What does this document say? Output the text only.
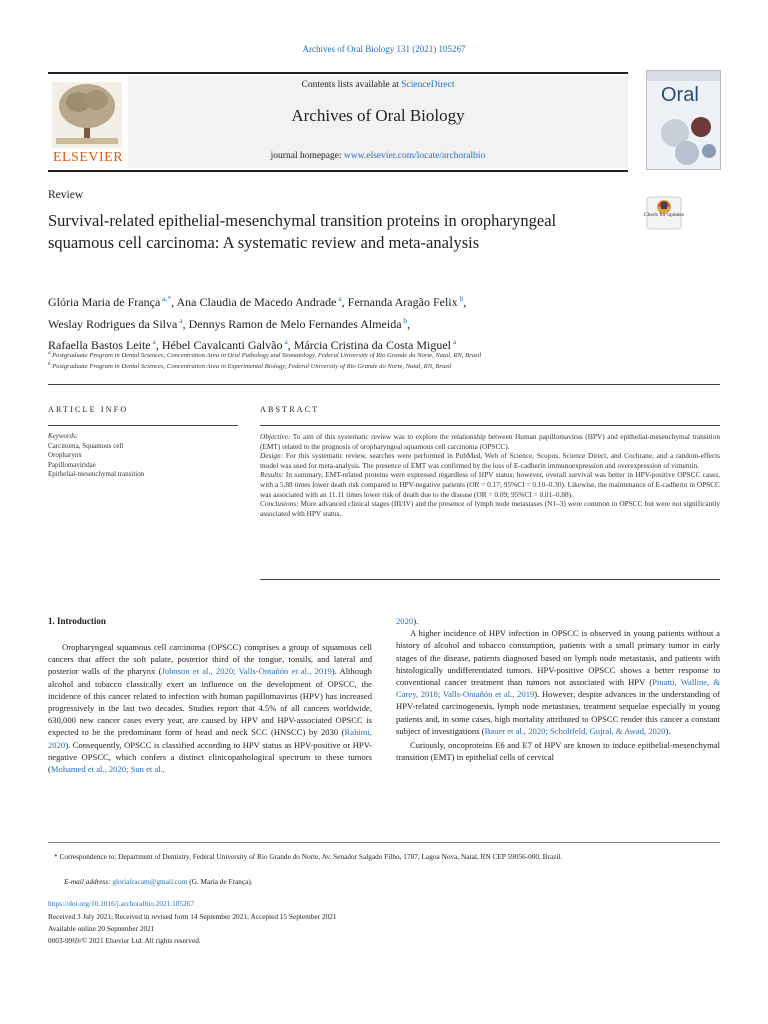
Archives of Oral Biology 131 (2021) 105267
ELSEVIER
Contents lists available at ScienceDirect
Archives of Oral Biology
journal homepage: www.elsevier.com/locate/archoralbio
Oral
Review
Survival-related epithelial-mesenchymal transition proteins in oropharyngeal squamous cell carcinoma: A systematic review and meta-analysis
Check for updates
Glória Maria de França $^{a,*}$, Ana Claudia de Macedo Andrade $^a$, Fernanda Aragão Felix $^b$,
Weslay Rodrigues da Silva $^a$, Dennys Ramon de Melo Fernandes Almeida $^b$,
Rafaella Bastos Leite $^a$, Hébel Cavalcanti Galvão $^a$, Márcia Cristina da Costa Miguel $^a$
$^a$ Postgraduate Program in Dental Sciences, Concentration Area in Oral Pathology and Stomatology, Federal University of Rio Grande do Norte, Natal, RN, Brazil
$^b$ Postgraduate Program in Dental Sciences, Concentration Area in Experimental Biology, Federal University of Rio Grande do Norte, Natal, RN, Brazil
ARTICLE INFO
Keywords:
Carcinoma, Squamous cell
Oropharynx
Papillomaviridae
Epithelial-mesenchymal transition
ABSTRACT
Objective: To aim of this systematic review was to explore the relationship between Human papillomavirus (HPV) and epithelial-mesenchymal transition (EMT) related to the prognosis of oropharyngeal squamous cell carcinoma (OPSCC).
Design: For this systematic review, searches were performed in PubMed, Web of Science, Scopus, Science Direct, and Cochrane, and a random-effects model was used for meta-analysis. The presence of EMT was confirmed by the loss of E-cadherin immunoexpression and overexpression of vimentin.
Results: In summary, EMT-related proteins were expressed regardless of HPV status; however, overall survival was better in HPV-positive OPSCC cases, with a 5.88 times lower death risk compared to HPV-negative patients (OR = 0.17; 95%CI = 0.10–0.30). Likewise, the maintenance of E-cadherin in OPSCC was associated with an 11.11 times lower risk of death due to the disease (OR = 0.09; 95%CI = 0.01–0.88).
Conclusions: More advanced clinical stages (III/IV) and the presence of lymph node metastases (N1–3) were common in OPSCC but were not significantly associated with HPV status.
1. Introduction

Oropharyngeal squamous cell carcinoma (OPSCC) comprises a group of squamous cell cancers that affect the soft palate, posterior third of the tongue, tonsils, and lateral and posterior walls of the pharynx (Johnson et al., 2020; Valls-Ontañón et al., 2019). Although alcohol and tobacco classically exert an influence on the development of OPSCC, the incidence of this cancer related to infection with human papillomavirus (HPV) has increased progressively in the last two decades. Studies report that 4.5% of all cancers worldwide, 630,000 new cancer cases every year, are caused by HPV and HPV-associated OPSCC is expected to be the predominant form of head and neck SCC (HNSCC) by 2030 (Rahimi, 2020). Consequently, OPSCC is classified according to HPV status as HPV-positive or HPV-negative OPSCC, which confers a distinct clinicopathological spectrum to these tumors (Mohamed et al., 2020; Sun et al.,

2020).

A higher incidence of HPV infection in OPSCC is observed in young patients without a history of alcohol and tobacco consumption, patients with a small primary tumor in early stages of the disease, patients diagnosed based on lymph node metastasis, and patients with histologically undifferentiated tumors. HPV-positive OPSCC shows a better response to conventional cancer treatment than tumors not associated with HPV (Pinatti, Walline, & Carey, 2018; Valls-Ontañón et al., 2019). However, despite advances in the understanding of HPV-related carcinogenesis, lymph node metastases, treatment sequelae especially in young patients and, in some cases, high mortality attributed to OPSCC render this cancer a constant subject of investigations (Bauer et al., 2020; Scholtfeld, Gujral, & Awad, 2020).

Curiously, oncoproteins E6 and E7 of HPV are known to induce epithelial-mesenchymal transition (EMT) in epithelial cells of cervical

* Correspondence to: Department of Dentistry, Federal University of Rio Grande do Norte, Av. Senador Salgado Filho, 1787, Lagoa Nova, Natal, RN CEP 59056-000, Brazil.
E-mail address: gloriafracam@gmail.com (G. Maria de França).
https://doi.org/10.1016/j.archoralbio.2021.105267
Received 3 July 2021; Received in revised form 14 September 2021; Accepted 15 September 2021
Available online 20 September 2021
0003-9969/© 2021 Elsevier Ltd. All rights reserved.
